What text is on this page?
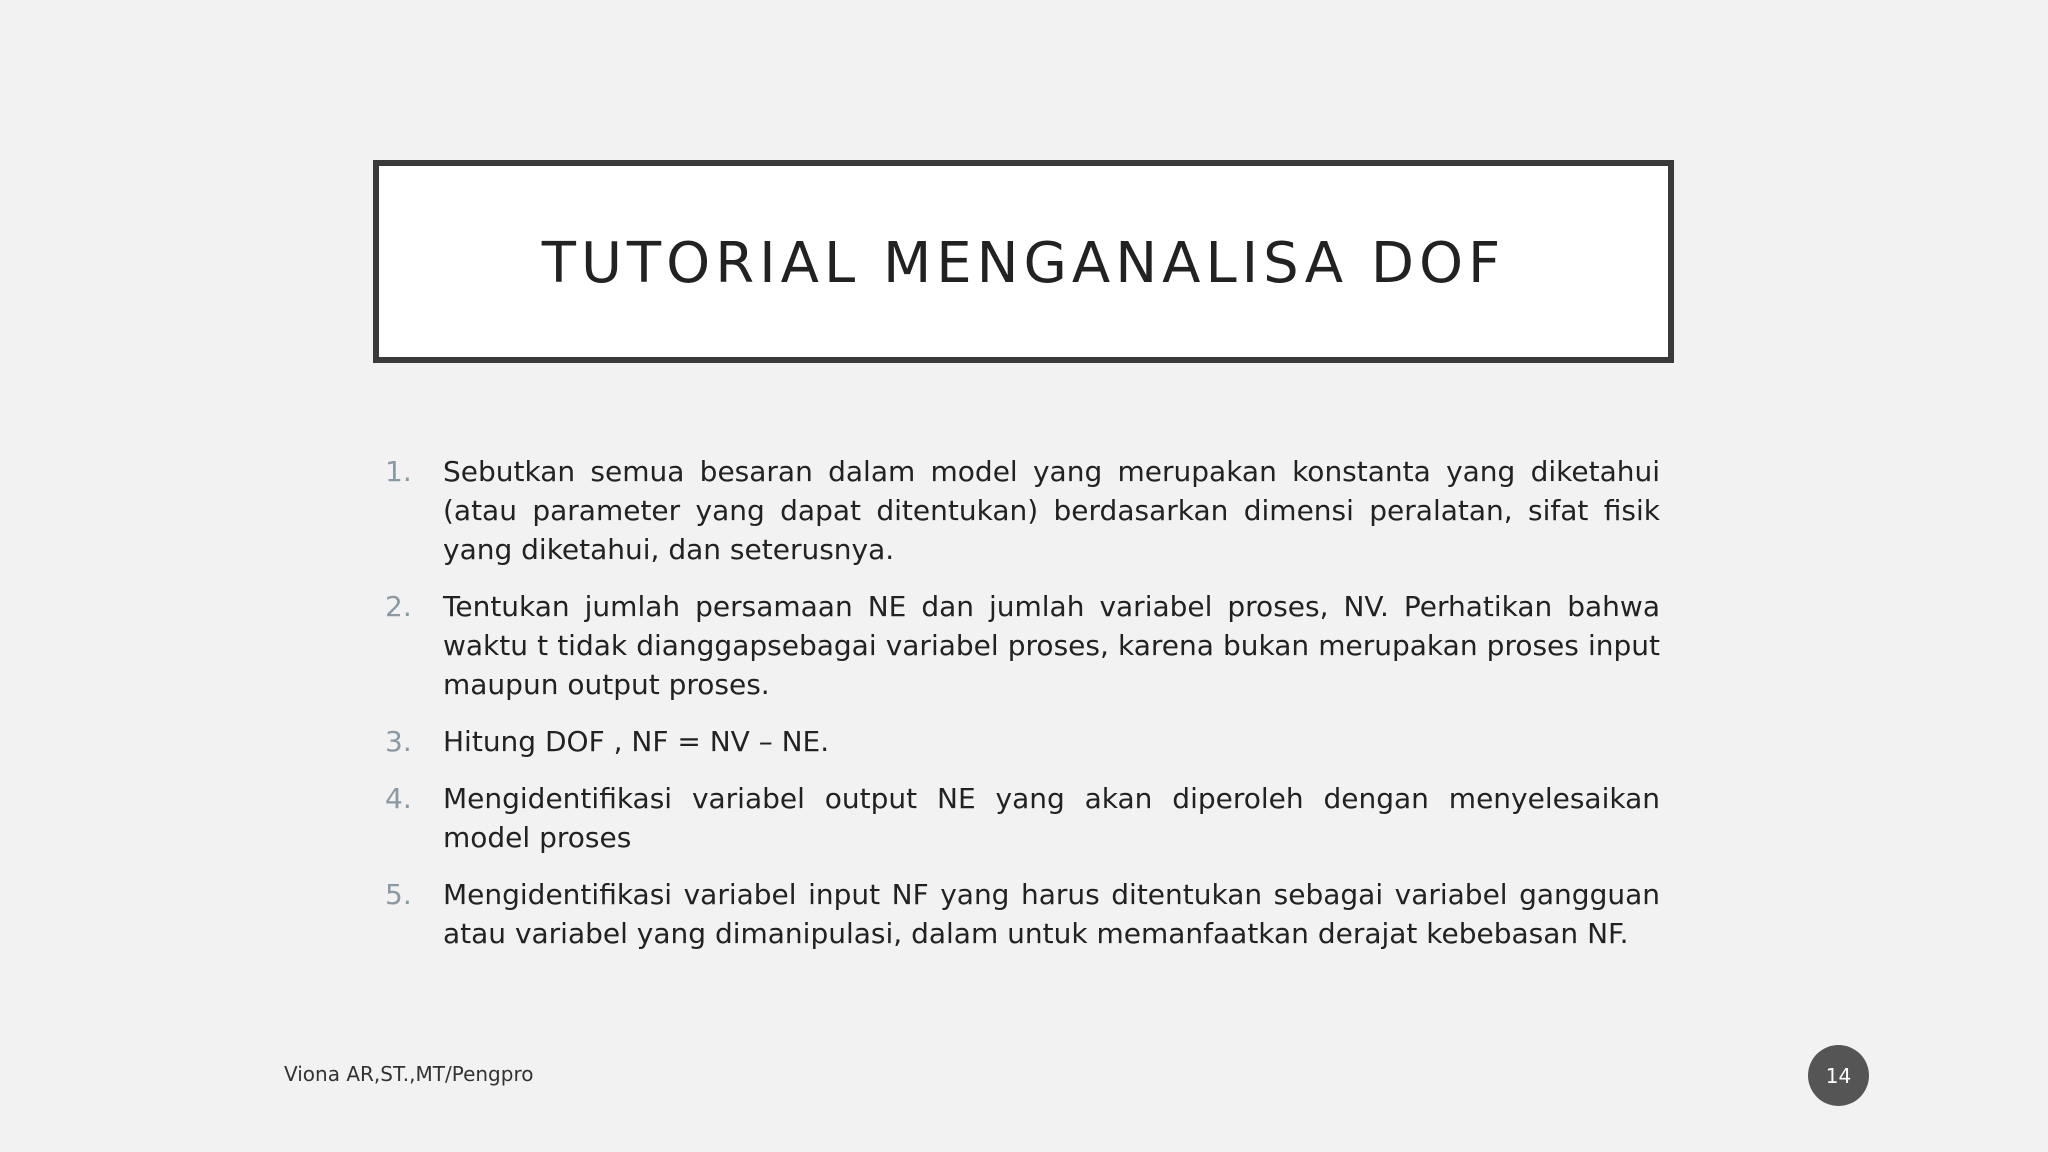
TUTORIAL MENGANALISA DOF
1.	Sebutkan semua besaran dalam model yang merupakan konstanta yang diketahui (atau parameter yang dapat ditentukan) berdasarkan dimensi peralatan, sifat fisik yang diketahui, dan seterusnya.
2.	Tentukan jumlah persamaan NE dan jumlah variabel proses, NV. Perhatikan bahwa waktu t tidak dianggapsebagai variabel proses, karena bukan merupakan proses input maupun output proses.
3.	Hitung DOF , NF = NV – NE.
4.	Mengidentifikasi variabel output NE yang akan diperoleh dengan menyelesaikan model proses
5.	Mengidentifikasi variabel input NF yang harus ditentukan sebagai variabel gangguan atau variabel yang dimanipulasi, dalam untuk memanfaatkan derajat kebebasan NF.
Viona AR,ST.,MT/Pengpro	14
